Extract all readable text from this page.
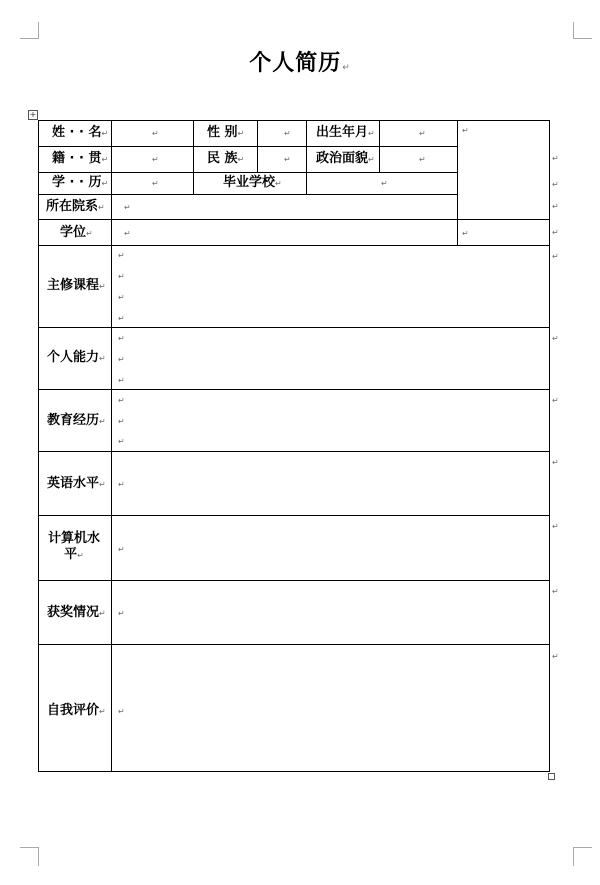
个人简历↵
+
姓 · · 名↵	↵	性 别↵	↵ 出生年月↵	↵	↵
籍 · · 贯↵	↵	民 族↵	↵ 政治面貌↵	↵
学 · · 历↵	↵	毕业学校↵	↵
所在院系↵ ↵
学位↵	↵	↵
↵
↵
↵
↵
↵
↵
↵
↵
↵
↵
↵
主修课程↵
↵
↵
↵
↵
个人能力↵
↵
↵
↵
教育经历↵
↵
↵
↵
英语水平↵ ↵
计算机水平↵
↵
获奖情况↵ ↵
自我评价↵ ↵
